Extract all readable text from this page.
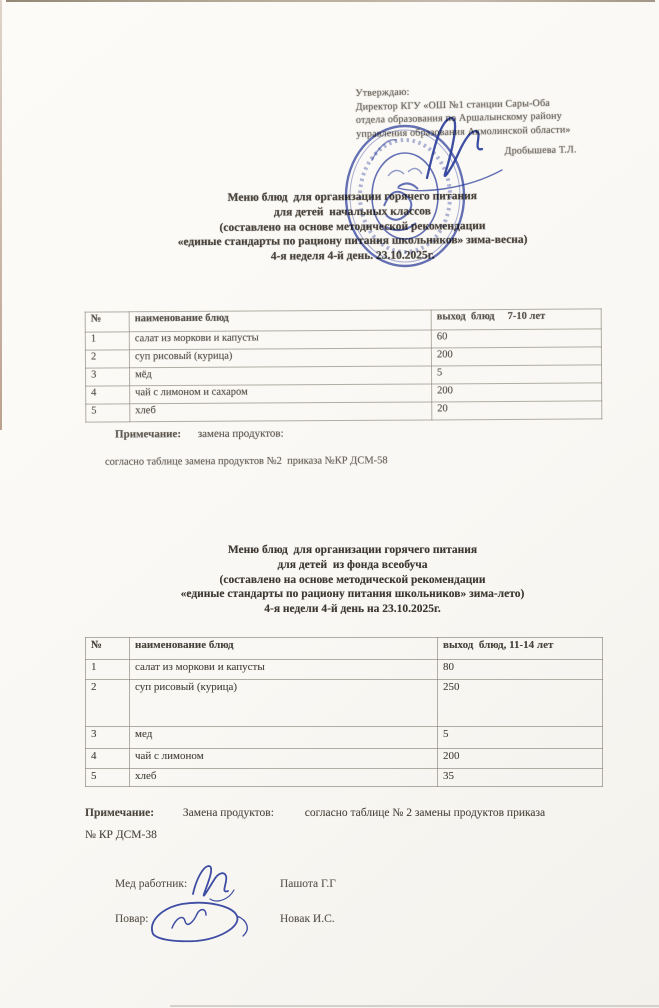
Утверждаю:
Директор КГУ «ОШ №1 станции Сары-Оба
отдела образования по Аршалынскому району
управления образования Акмолинской области»
Дробышева Т.Л.
Меню блюд  для организации горячего питания
для детей  начальных классов
(составлено на основе методической рекомендации
«единые стандарты по рациону питания школьников» зима-весна)
4-я неделя 4-й день. 23.10.2025г.
№	наименование блюд	выход  блюд     7-10 лет
1	салат из моркови и капусты	60
2	суп рисовый (курица)	200
3	мёд	5
4	чай с лимоном и сахаром	200
5	хлеб	20
Примечание: замена продуктов:
согласно таблице замена продуктов №2  приказа №КР ДСМ-58
Меню блюд  для организации горячего питания
для детей  из фонда всеобуча
(составлено на основе методической рекомендации
«единые стандарты по рациону питания школьников» зима-лето)
4-я недели 4-й день на 23.10.2025г.
№	наименование блюд	выход  блюд, 11-14 лет
1	салат из моркови и капусты	80
2	суп рисовый (курица)	250
3	мед	5
4	чай с лимоном	200
5	хлеб	35
Примечание:	Замена продуктов:	согласно таблице № 2 замены продуктов приказа
№ КР ДСМ-38
Мед работник:	Пашота Г.Г
Повар:	Новак И.С.
